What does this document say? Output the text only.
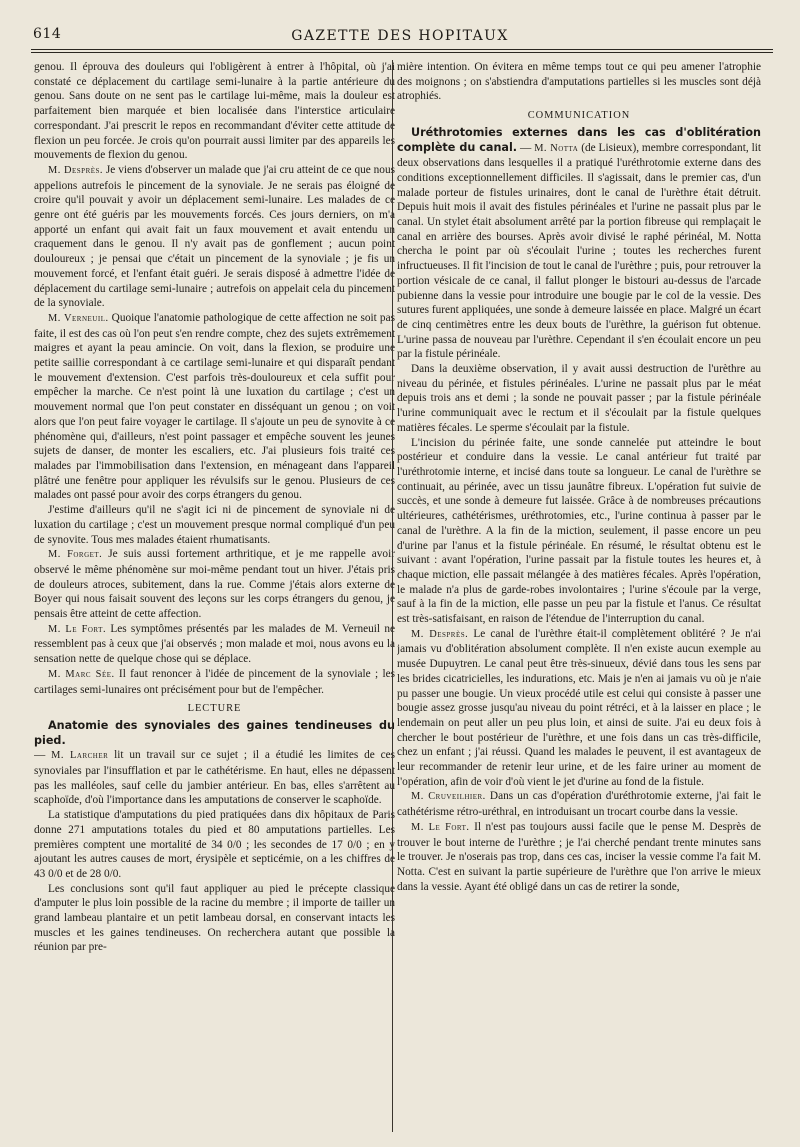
614	GAZETTE DES HOPITAUX

genou. Il éprouva des douleurs qui l'obligèrent à entrer à l'hôpital, où j'ai constaté ce déplacement du cartilage semi-lunaire à la partie antérieure du genou. Sans doute on ne sent pas le cartilage lui-même, mais la douleur est parfaitement bien marquée et bien localisée dans l'interstice articulaire correspondant. J'ai prescrit le repos en recommandant d'éviter cette attitude de flexion un peu forcée. Je crois qu'on pourrait aussi limiter par des appareils les mouvements de flexion du genou.

M. Desprès. Je viens d'observer un malade que j'ai cru atteint de ce que nous appelions autrefois le pincement de la synoviale. Je ne serais pas éloigné de croire qu'il pouvait y avoir un déplacement semi-lunaire. Les malades de ce genre ont été guéris par les mouvements forcés. Ces jours derniers, on m'a apporté un enfant qui avait fait un faux mouvement et avait entendu un craquement dans le genou. Il n'y avait pas de gonflement ; aucun point douloureux ; je pensai que c'était un pincement de la synoviale ; je fis un mouvement forcé, et l'enfant était guéri. Je serais disposé à admettre l'idée de déplacement du cartilage semi-lunaire ; autrefois on appelait cela du pincement de la synoviale.

M. Verneuil. Quoique l'anatomie pathologique de cette affection ne soit pas faite, il est des cas où l'on peut s'en rendre compte, chez des sujets extrêmement maigres et ayant la peau amincie. On voit, dans la flexion, se produire une petite saillie correspondant à ce cartilage semi-lunaire et qui disparaît pendant le mouvement d'extension. C'est parfois très-douloureux et cela suffit pour empêcher la marche. Ce n'est point là une luxation du cartilage ; c'est un mouvement normal que l'on peut constater en disséquant un genou ; on voit alors que l'on peut faire voyager le cartilage. Il s'ajoute un peu de synovite à ce phénomène qui, d'ailleurs, n'est point passager et empêche souvent les jeunes sujets de danser, de monter les escaliers, etc. J'ai plusieurs fois traité ces malades par l'immobilisation dans l'extension, en ménageant dans l'appareil plâtré une fenêtre pour appliquer les révulsifs sur le genou. Plusieurs de ces malades ont passé pour avoir des corps étrangers du genou.

J'estime d'ailleurs qu'il ne s'agit ici ni de pincement de synoviale ni de luxation du cartilage ; c'est un mouvement presque normal compliqué d'un peu de synovite. Tous mes malades étaient rhumatisants.

M. Forget. Je suis aussi fortement arthritique, et je me rappelle avoir observé le même phénomène sur moi-même pendant tout un hiver. J'étais pris de douleurs atroces, subitement, dans la rue. Comme j'étais alors externe de Boyer qui nous faisait souvent des leçons sur les corps étrangers du genou, je pensais être atteint de cette affection.

M. Le Fort. Les symptômes présentés par les malades de M. Verneuil ne ressemblent pas à ceux que j'ai observés ; mon malade et moi, nous avons eu la sensation nette de quelque chose qui se déplace.

M. Marc Sée. Il faut renoncer à l'idée de pincement de la synoviale ; les cartilages semi-lunaires ont précisément pour but de l'empêcher.

LECTURE

Anatomie des synoviales des gaines tendineuses du pied.

— M. Larcher lit un travail sur ce sujet ; il a étudié les limites de ces synoviales par l'insufflation et par le cathétérisme. En haut, elles ne dépassent pas les malléoles, sauf celle du jambier antérieur. En bas, elles s'arrêtent au scaphoïde, d'où l'importance dans les amputations de conserver le scaphoïde.

La statistique d'amputations du pied pratiquées dans dix hôpitaux de Paris donne 271 amputations totales du pied et 80 amputations partielles. Les premières comptent une mortalité de 34 0/0 ; les secondes de 17 0/0 ; en y ajoutant les autres causes de mort, érysipèle et septicémie, on a les chiffres de 43 0/0 et de 28 0/0.

Les conclusions sont qu'il faut appliquer au pied le précepte classique d'amputer le plus loin possible de la racine du membre ; il importe de tailler un grand lambeau plantaire et un petit lambeau dorsal, en conservant intacts les muscles et les gaines tendineuses. On recherchera autant que possible la réunion par pre-

mière intention. On évitera en même temps tout ce qui peu amener l'atrophie des moignons ; on s'abstiendra d'amputations partielles si les muscles sont déjà atrophiés.

COMMUNICATION

Uréthrotomies externes dans les cas d'oblitération complète du canal. — M. Notta (de Lisieux), membre correspondant, lit deux observations dans lesquelles il a pratiqué l'uréthrotomie externe dans des conditions exceptionnellement difficiles. Il s'agissait, dans le premier cas, d'un malade porteur de fistules urinaires, dont le canal de l'urèthre était détruit. Depuis huit mois il avait des fistules périnéales et l'urine ne passait plus par le canal. Un stylet était absolument arrêté par la portion fibreuse qui remplaçait le canal en arrière des bourses. Après avoir divisé le raphé périnéal, M. Notta chercha le point par où s'écoulait l'urine ; toutes les recherches furent infructueuses. Il fit l'incision de tout le canal de l'urèthre ; puis, pour retrouver la portion vésicale de ce canal, il fallut plonger le bistouri au-dessus de l'arcade pubienne dans la vessie pour introduire une bougie par le col de la vessie. Des sutures furent appliquées, une sonde à demeure laissée en place. Malgré un écart de cinq centimètres entre les deux bouts de l'urèthre, la guérison fut obtenue. L'urine passa de nouveau par l'urèthre. Cependant il s'en écoulait encore un peu par la fistule périnéale.

Dans la deuxième observation, il y avait aussi destruction de l'urèthre au niveau du périnée, et fistules périnéales. L'urine ne passait plus par le méat depuis trois ans et demi ; la sonde ne pouvait passer ; par la fistule périnéale l'urine communiquait avec le rectum et il s'écoulait par la fistule quelques matières fécales. Le sperme s'écoulait par la fistule.

L'incision du périnée faite, une sonde cannelée put atteindre le bout postérieur et conduire dans la vessie. Le canal antérieur fut traité par l'uréthrotomie interne, et incisé dans toute sa longueur. Le canal de l'urèthre se continuait, au périnée, avec un tissu jaunâtre fibreux. L'opération fut suivie de succès, et une sonde à demeure fut laissée. Grâce à de nombreuses précautions ultérieures, cathétérismes, uréthrotomies, etc., l'urine continua à passer par le canal de l'urèthre. A la fin de la miction, seulement, il passe encore un peu d'urine par l'anus et la fistule périnéale. En résumé, le résultat obtenu est le suivant : avant l'opération, l'urine passait par la fistule toutes les heures et, à chaque miction, elle passait mélangée à des matières fécales. Après l'opération, le malade n'a plus de garde-robes involontaires ; l'urine s'écoule par la verge, sauf à la fin de la miction, elle passe un peu par la fistule et l'anus. Ce résultat est très-satisfaisant, en raison de l'étendue de l'interruption du canal.

M. Desprès. Le canal de l'urèthre était-il complètement oblitéré ? Je n'ai jamais vu d'oblitération absolument complète. Il n'en existe aucun exemple au musée Dupuytren. Le canal peut être très-sinueux, dévié dans tous les sens par les brides cicatricielles, les indurations, etc. Mais je n'en ai jamais vu où je n'aie pu passer une bougie. Un vieux procédé utile est celui qui consiste à passer une bougie assez grosse jusqu'au niveau du point rétréci, et à la laisser en place ; le lendemain on peut aller un peu plus loin, et ainsi de suite. J'ai eu deux fois à chercher le bout postérieur de l'urèthre, et une fois dans un cas très-difficile, chez un enfant ; j'ai réussi. Quand les malades le peuvent, il est avantageux de leur recommander de retenir leur urine, et de les faire uriner au moment de l'opération, afin de voir d'où vient le jet d'urine au fond de la fistule.

M. Cruveilhier. Dans un cas d'opération d'uréthrotomie externe, j'ai fait le cathétérisme rétro-uréthral, en introduisant un trocart courbe dans la vessie.

M. Le Fort. Il n'est pas toujours aussi facile que le pense M. Desprès de trouver le bout interne de l'urèthre ; je l'ai cherché pendant trente minutes sans le trouver. Je n'oserais pas trop, dans ces cas, inciser la vessie comme l'a fait M. Notta. C'est en suivant la partie supérieure de l'urèthre que l'on arrive le mieux dans la vessie. Ayant été obligé dans un cas de retirer la sonde,
